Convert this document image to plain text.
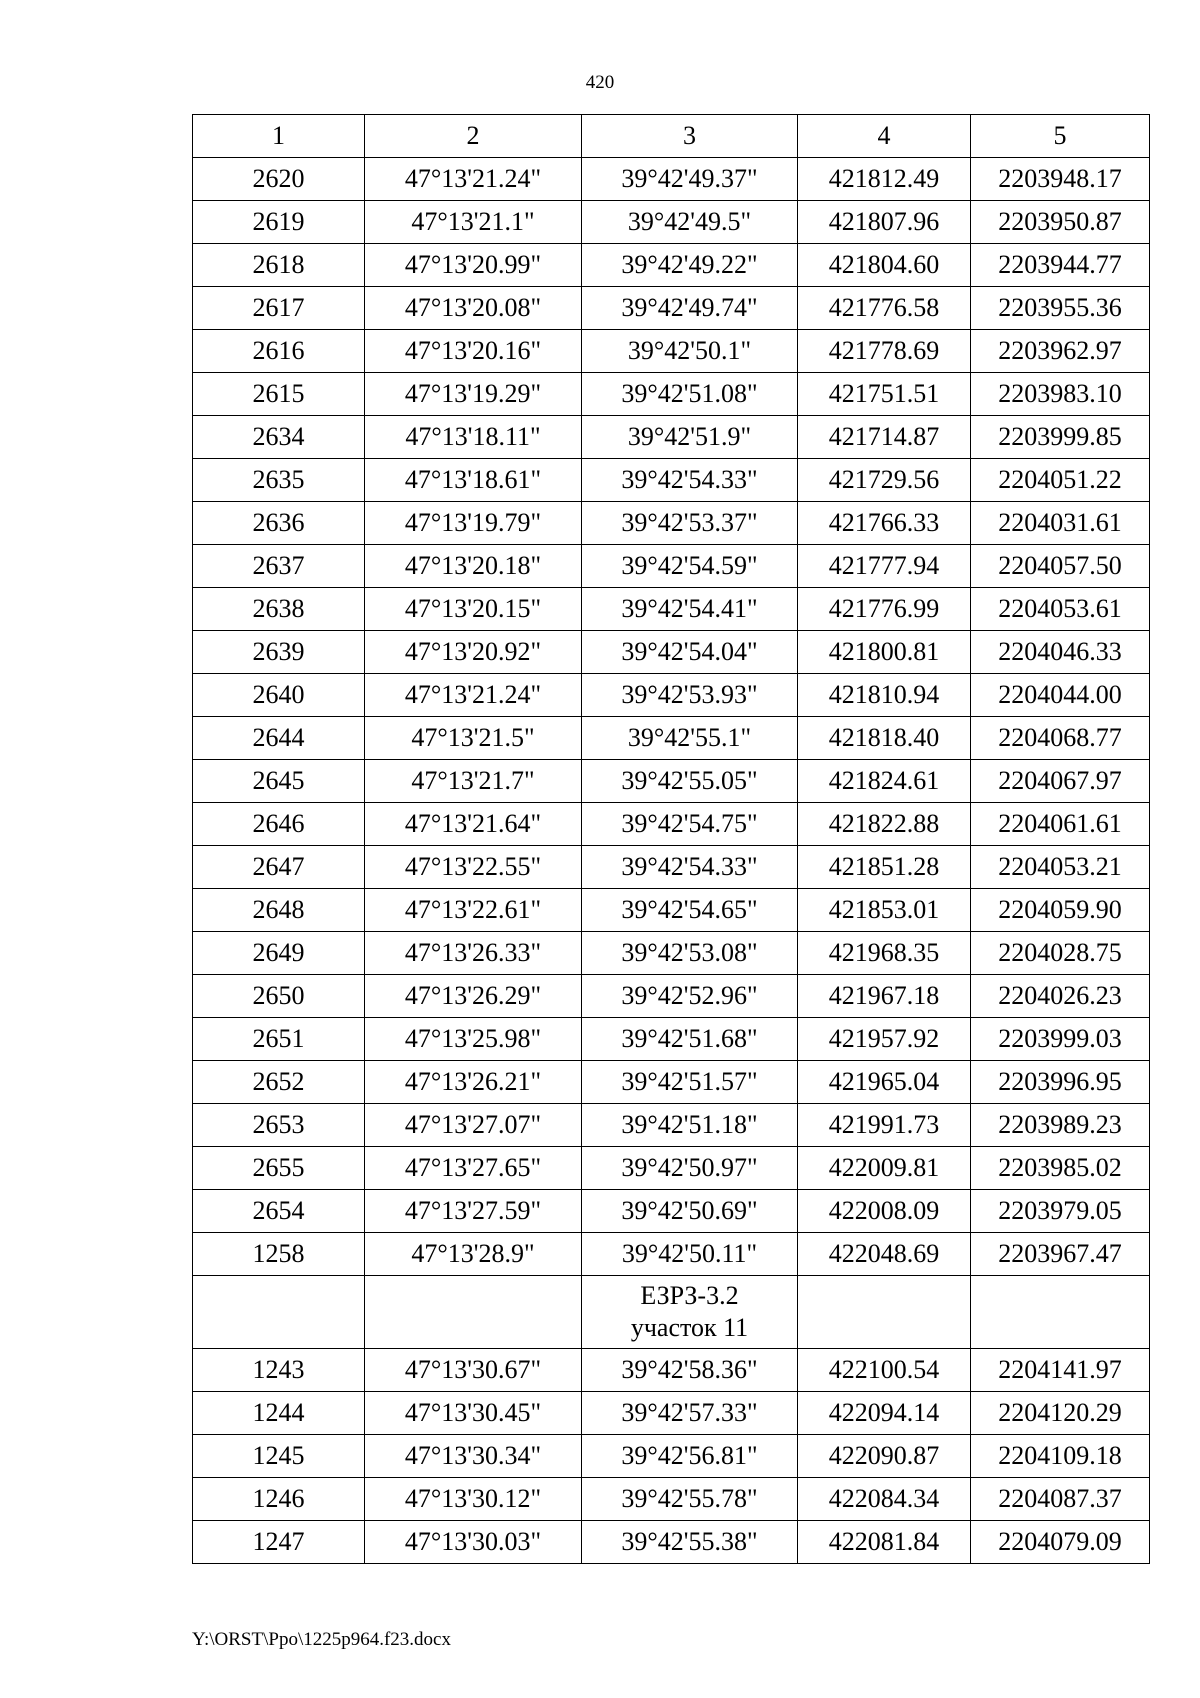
420
1	2	3	4	5
2620	47°13'21.24"	39°42'49.37"	421812.49	2203948.17
2619	47°13'21.1"	39°42'49.5"	421807.96	2203950.87
2618	47°13'20.99"	39°42'49.22"	421804.60	2203944.77
2617	47°13'20.08"	39°42'49.74"	421776.58	2203955.36
2616	47°13'20.16"	39°42'50.1"	421778.69	2203962.97
2615	47°13'19.29"	39°42'51.08"	421751.51	2203983.10
2634	47°13'18.11"	39°42'51.9"	421714.87	2203999.85
2635	47°13'18.61"	39°42'54.33"	421729.56	2204051.22
2636	47°13'19.79"	39°42'53.37"	421766.33	2204031.61
2637	47°13'20.18"	39°42'54.59"	421777.94	2204057.50
2638	47°13'20.15"	39°42'54.41"	421776.99	2204053.61
2639	47°13'20.92"	39°42'54.04"	421800.81	2204046.33
2640	47°13'21.24"	39°42'53.93"	421810.94	2204044.00
2644	47°13'21.5"	39°42'55.1"	421818.40	2204068.77
2645	47°13'21.7"	39°42'55.05"	421824.61	2204067.97
2646	47°13'21.64"	39°42'54.75"	421822.88	2204061.61
2647	47°13'22.55"	39°42'54.33"	421851.28	2204053.21
2648	47°13'22.61"	39°42'54.65"	421853.01	2204059.90
2649	47°13'26.33"	39°42'53.08"	421968.35	2204028.75
2650	47°13'26.29"	39°42'52.96"	421967.18	2204026.23
2651	47°13'25.98"	39°42'51.68"	421957.92	2203999.03
2652	47°13'26.21"	39°42'51.57"	421965.04	2203996.95
2653	47°13'27.07"	39°42'51.18"	421991.73	2203989.23
2655	47°13'27.65"	39°42'50.97"	422009.81	2203985.02
2654	47°13'27.59"	39°42'50.69"	422008.09	2203979.05
1258	47°13'28.9"	39°42'50.11"	422048.69	2203967.47

		ЕЗРЗ-3.2
участок 11		

1243	47°13'30.67"	39°42'58.36"	422100.54	2204141.97
1244	47°13'30.45"	39°42'57.33"	422094.14	2204120.29
1245	47°13'30.34"	39°42'56.81"	422090.87	2204109.18
1246	47°13'30.12"	39°42'55.78"	422084.34	2204087.37
1247	47°13'30.03"	39°42'55.38"	422081.84	2204079.09
Y:\ORST\Ppo\1225p964.f23.docx
